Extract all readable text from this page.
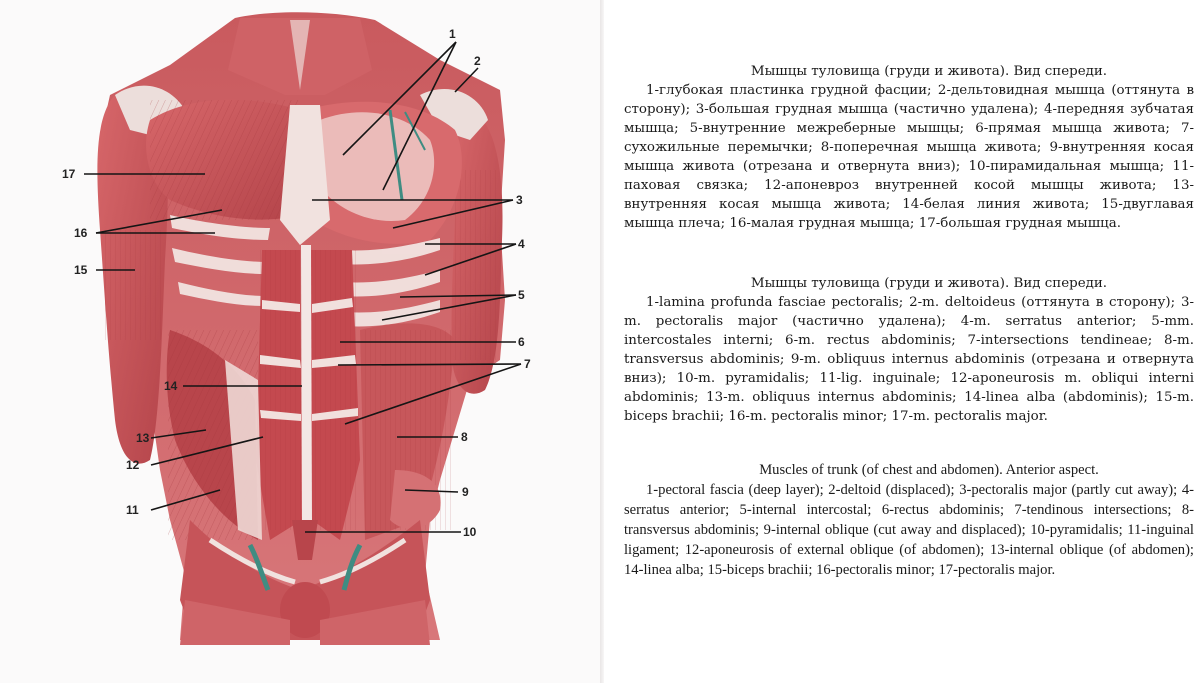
1
2
3
4
5
6
7
8
9
10
11
12
13
14
15
16
17
Мышцы туловища (груди и живота). Вид спереди.
1-глубокая пластинка грудной фасции; 2-дельтовидная мышца (оттянута в сторону); 3-большая грудная мышца (частично удалена); 4-передняя зубчатая мышца; 5-внутренние межреберные мышцы; 6-прямая мышца живота; 7-сухожильные перемычки; 8-поперечная мышца живота; 9-внутренняя косая мышца живота (отрезана и отвернута вниз); 10-пирамидальная мышца; 11-паховая связка; 12-апоневроз внутренней косой мышцы живота; 13-внутренняя косая мышца живота; 14-белая линия живота; 15-двуглавая мышца плеча; 16-малая грудная мышца; 17-большая грудная мышца.
Мышцы туловища (груди и живота). Вид спереди.
1-lamina profunda fasciae pectoralis; 2-m. deltoideus (оттянута в сторону); 3-m. pectoralis major (частично удалена); 4-m. serratus anterior; 5-mm. intercostales interni; 6-m. rectus abdominis; 7-intersections tendineae; 8-m. transversus abdominis; 9-m. obliquus internus abdominis (отрезана и отвернута вниз); 10-m. pyramidalis; 11-lig. inguinale; 12-aponeurosis m. obliqui interni abdominis; 13-m. obliquus internus abdominis; 14-linea alba (abdominis); 15-m. biceps brachii; 16-m. pectoralis minor; 17-m. pectoralis major.
Muscles of trunk (of chest and abdomen). Anterior aspect.
1-pectoral fascia (deep layer); 2-deltoid (displaced); 3-pectoralis major (partly cut away); 4-serratus anterior; 5-internal intercostal; 6-rectus abdominis; 7-tendinous intersections; 8-transversus abdominis; 9-internal oblique (cut away and displaced); 10-pyramidalis; 11-inguinal ligament; 12-aponeurosis of external oblique (of abdomen); 13-internal oblique (of abdomen); 14-linea alba; 15-biceps brachii; 16-pectoralis minor; 17-pectoralis major.
